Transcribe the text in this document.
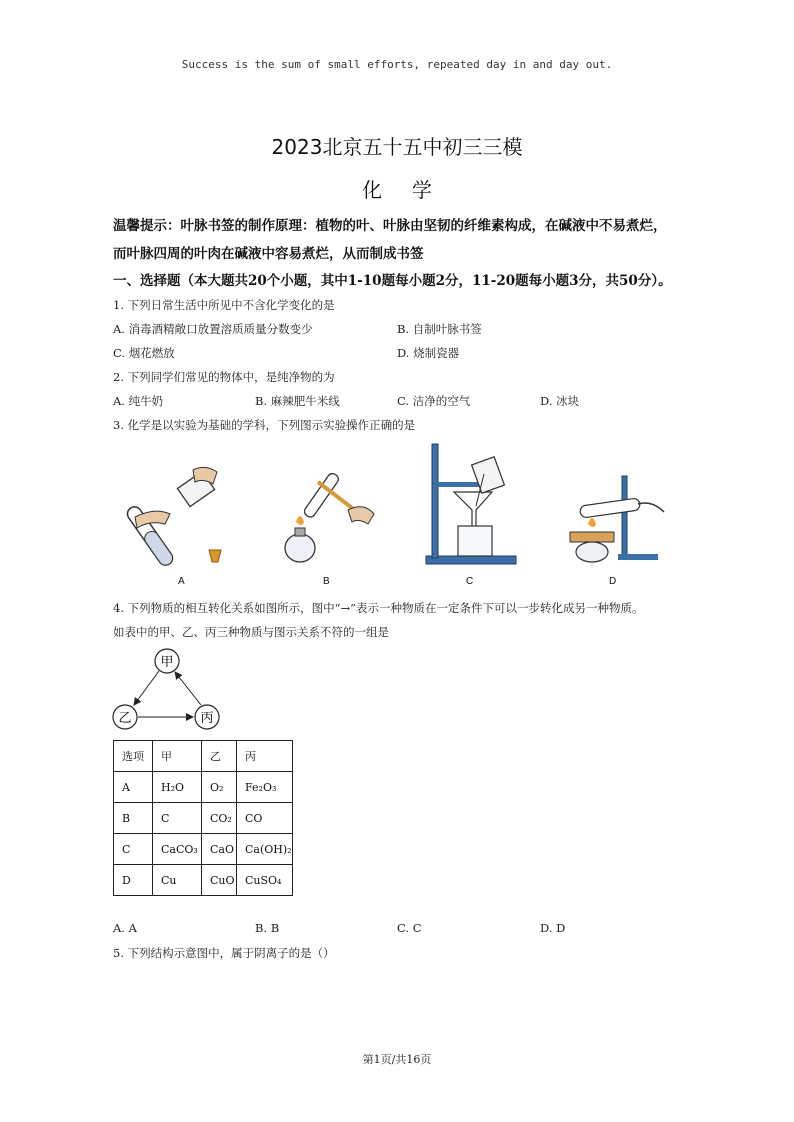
Success is the sum of small efforts, repeated day in and day out.
2023北京五十五中初三三模
化学
温馨提示：叶脉书签的制作原理：植物的叶、叶脉由坚韧的纤维素构成，在碱液中不易煮烂，
而叶脉四周的叶肉在碱液中容易煮烂，从而制成书签
一、选择题（本大题共20个小题，其中1-10题每小题2分，11-20题每小题3分，共50分）。
1. 下列日常生活中所见中不含化学变化的是
A. 消毒酒精敞口放置溶质质量分数变少	B. 自制叶脉书签
C. 烟花燃放	D. 烧制瓷器
2. 下列同学们常见的物体中，是纯净物的为
A. 纯牛奶	B. 麻辣肥牛米线	C. 洁净的空气	D. 冰块
3. 化学是以实验为基础的学科，下列图示实验操作正确的是
A	B	C	D
4. 下列物质的相互转化关系如图所示，图中“→”表示一种物质在一定条件下可以一步转化成另一种物质。
如表中的甲、乙、丙三种物质与图示关系不符的一组是
甲
乙	丙
选项	甲	乙	丙
A	H₂O	O₂	Fe₂O₃
B	C	CO₂	CO
C	CaCO₃	CaO	Ca(OH)₂
D	Cu	CuO	CuSO₄
A. A	B. B	C. C	D. D
5. 下列结构示意图中，属于阴离子的是（）
第1页/共16页
